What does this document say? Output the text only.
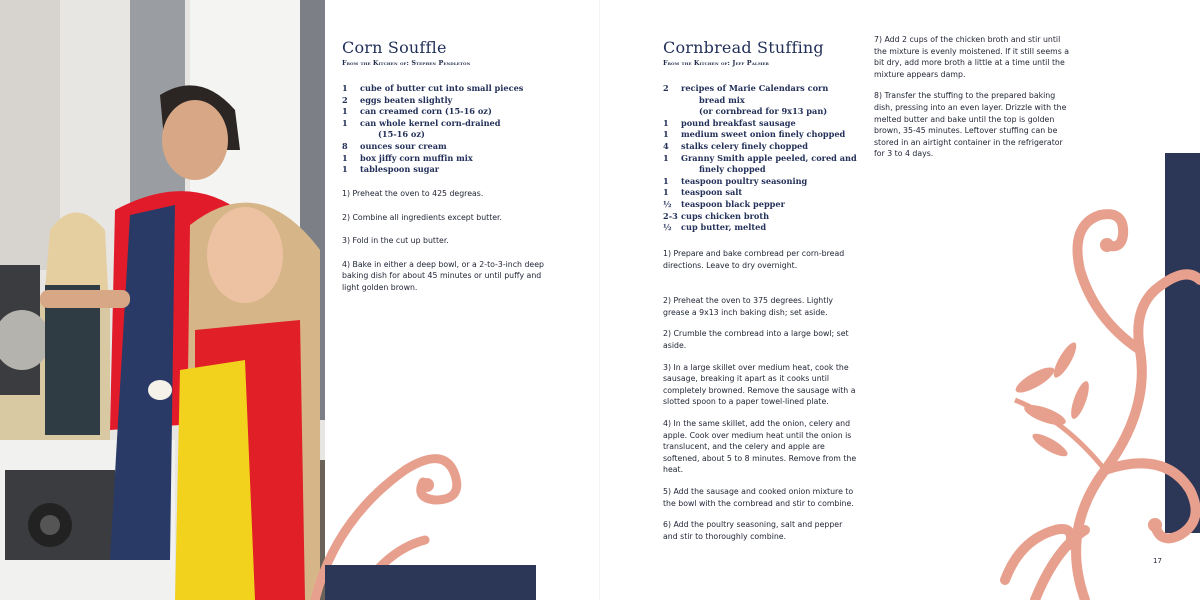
Corn Souffle

From the Kitchen of: Stephen Pendleton

1	cube of butter cut into small pieces
2	eggs beaten slightly
1	can creamed corn (15-16 oz)
1	can whole kernel corn-drained
(15-16 oz)
8	ounces sour cream
1	box jiffy corn muffin mix
1	tablespoon sugar

1) Preheat the oven to 425 degreas.

2) Combine all ingredients except butter.

3) Fold in the cut up butter.

4) Bake in either a deep bowl, or a 2-to-3-inch deep baking dish for about 45 minutes or until puffy and light golden brown.

Cornbread Stuffing

From the Kitchen of: Jeff Palmer

2	recipes of Marie Calendars corn
bread mix
(or cornbread for 9x13 pan)
1	pound breakfast sausage
1	medium sweet onion finely chopped
4	stalks celery finely chopped
1	Granny Smith apple peeled, cored and
finely chopped
1	teaspoon poultry seasoning
1	teaspoon salt
½	teaspoon black pepper
2-3 cups chicken broth
½	cup butter, melted

1) Prepare and bake cornbread per corn-bread directions. Leave to dry overnight.

2) Preheat the oven to 375 degrees. Lightly grease a 9x13 inch baking dish; set aside.

2) Crumble the cornbread into a large bowl; set aside.

3) In a large skillet over medium heat, cook the sausage, breaking it apart as it cooks until completely browned. Remove the sausage with a slotted spoon to a paper towel-lined plate.

4) In the same skillet, add the onion, celery and apple. Cook over medium heat until the onion is translucent, and the celery and apple are softened, about 5 to 8 minutes. Remove from the heat.

5) Add the sausage and cooked onion mixture to the bowl with the cornbread and stir to combine.

6) Add the poultry seasoning, salt and pepper and stir to thoroughly combine.

7) Add 2 cups of the chicken broth and stir until the mixture is evenly moistened. If it still seems a bit dry, add more broth a little at a time until the mixture appears damp.

8) Transfer the stuffing to the prepared baking dish, pressing into an even layer. Drizzle with the melted butter and bake until the top is golden brown, 35-45 minutes. Leftover stuffing can be stored in an airtight container in the refrigerator for 3 to 4 days.

17
